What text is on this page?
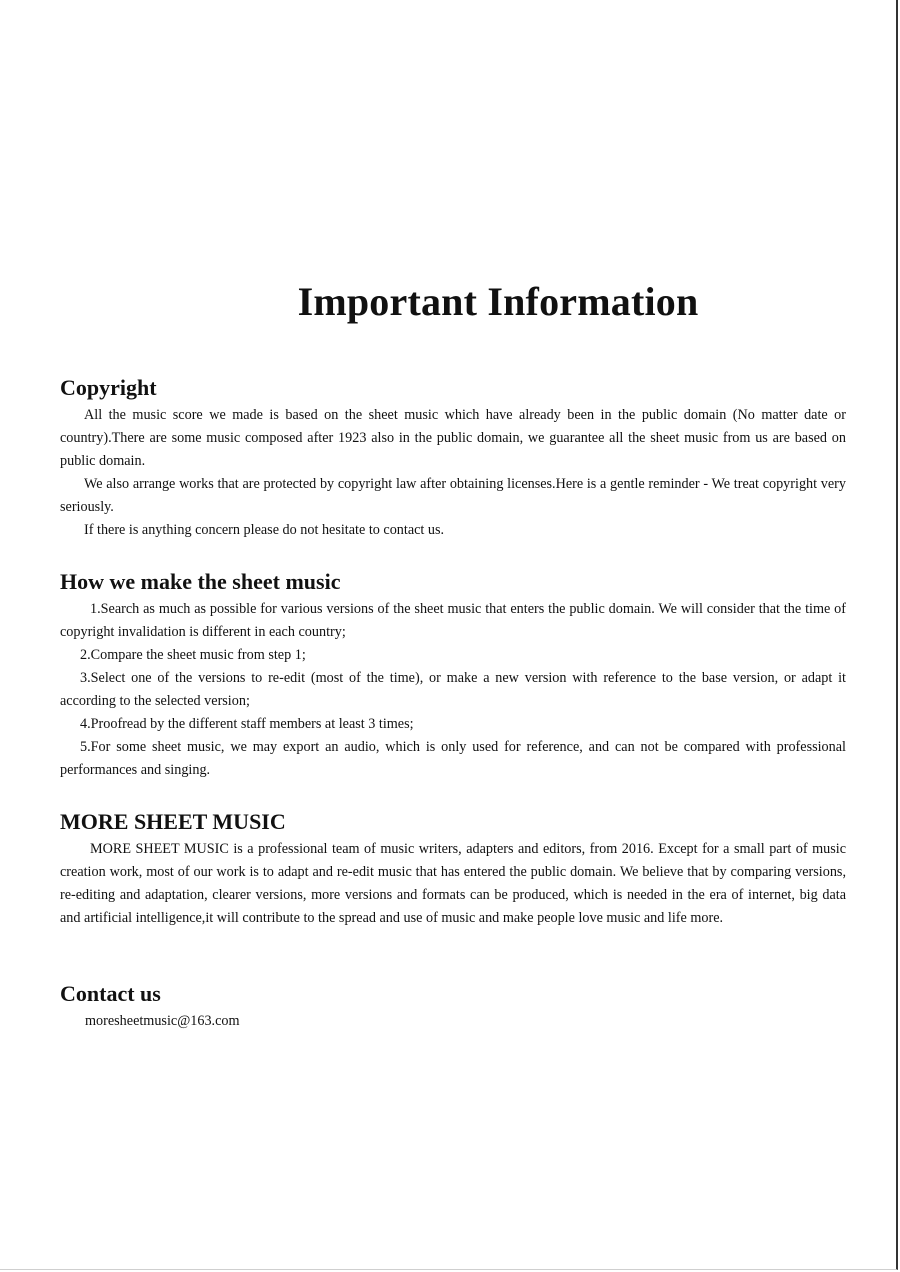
Important Information
Copyright

All the music score we made is based on the sheet music which have already been in the public domain (No matter date or country).There are some music composed after 1923 also in the public domain, we guarantee all the sheet music from us are based on public domain.

We also arrange works that are protected by copyright law after obtaining licenses.Here is a gentle reminder - We treat copyright very seriously.

If there is anything concern please do not hesitate to contact us.

How we make the sheet music

1.Search as much as possible for various versions of the sheet music that enters the public domain. We will consider that the time of copyright invalidation is different in each country;

2.Compare the sheet music from step 1;

3.Select one of the versions to re-edit (most of the time), or make a new version with reference to the base version, or adapt it according to the selected version;

4.Proofread by the different staff members at least 3 times;

5.For some sheet music, we may export an audio, which is only used for reference, and can not be compared with professional performances and singing.

MORE SHEET MUSIC

MORE SHEET MUSIC is a professional team of music writers, adapters and editors, from 2016. Except for a small part of music creation work, most of our work is to adapt and re-edit music that has entered the public domain. We believe that by comparing versions, re-editing and adaptation, clearer versions, more versions and formats can be produced, which is needed in the era of internet, big data and artificial intelligence,it will contribute to the spread and use of music and make people love music and life more.

Contact us

moresheetmusic@163.com
